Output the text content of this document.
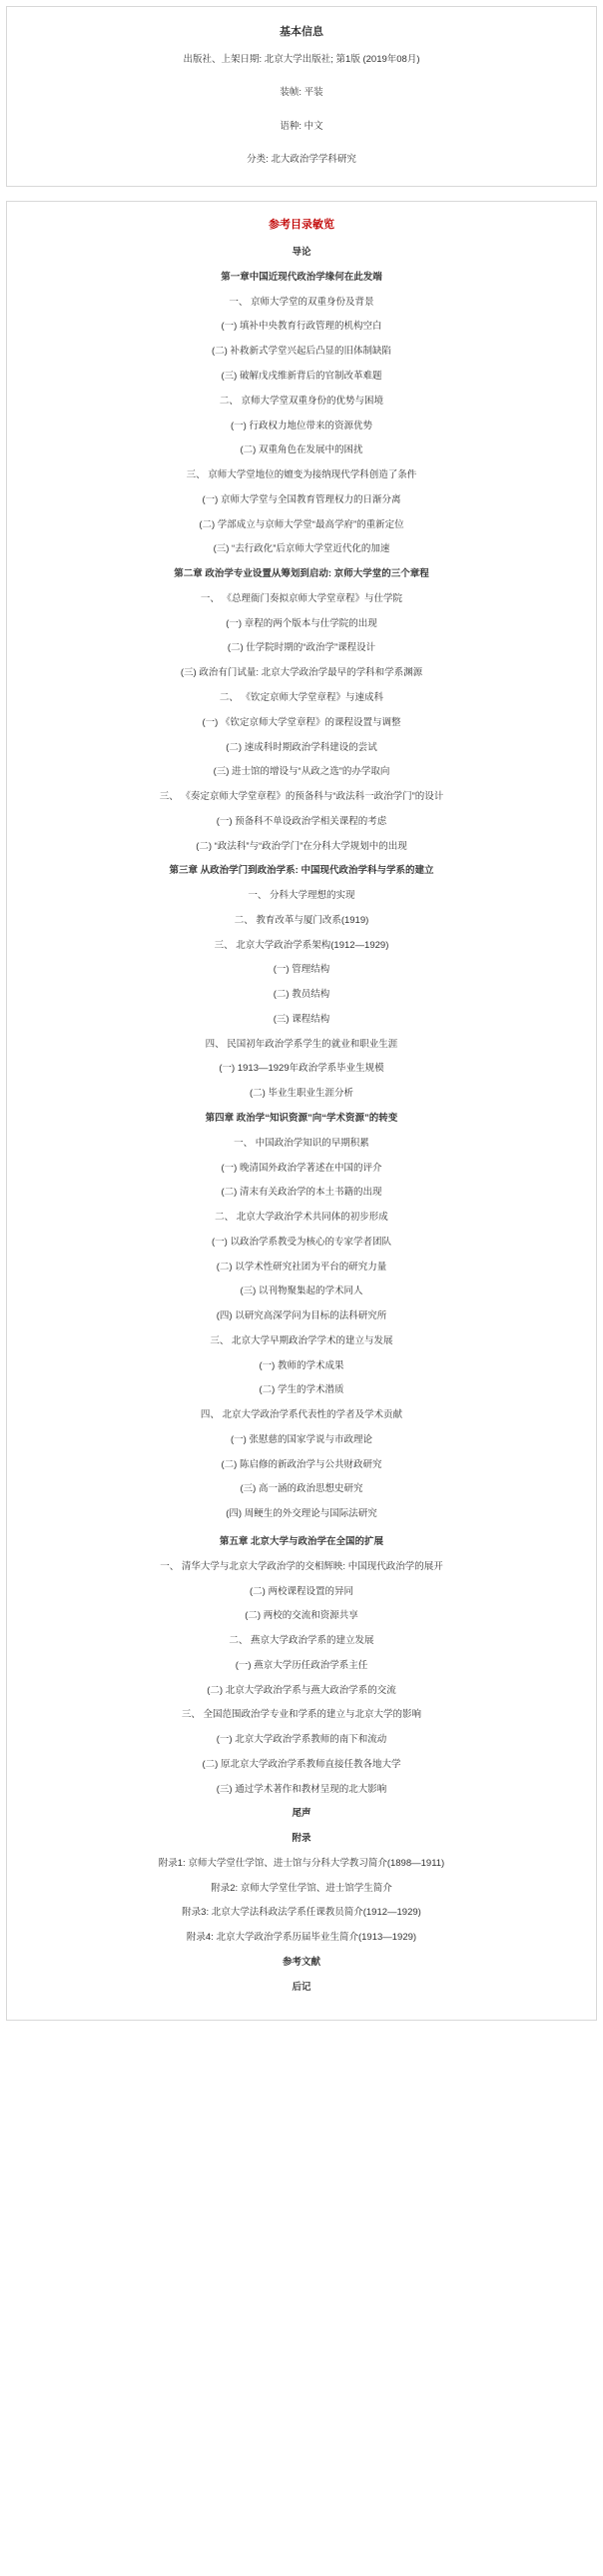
基本信息
出版社、上架日期: 北京大学出版社; 第1版 (2019年08月)
装帧: 平装
语种: 中文
分类: 北大政治学学科研究
参考目录敏览
导论
第一章中国近现代政治学缘何在此发端
一、 京师大学堂的双重身份及背景
(一) 填补中央教育行政管理的机构空白
(二) 补救新式学堂兴起后凸显的旧体制缺陷
(三) 破解戊戌维新背后的官制改革难题
二、 京师大学堂双重身份的优势与困境
(一) 行政权力地位带来的资源优势
(二) 双重角色在发展中的困扰
三、 京师大学堂地位的嬗变为接纳现代学科创造了条件
(一) 京师大学堂与全国教育管理权力的日渐分离
(二) 学部成立与京师大学堂“最高学府”的重新定位
(三) “去行政化”后京师大学堂近代化的加速
第二章 政治学专业设置从筹划到启动: 京师大学堂的三个章程
一、 《总理衙门奏拟京师大学堂章程》与仕学院
(一) 章程的两个版本与仕学院的出现
(二) 仕学院时期的“政治学”课程设计
(三) 政治有门试量: 北京大学政治学最早的学科和学系渊源
二、 《钦定京师大学堂章程》与速成科
(一) 《钦定京师大学堂章程》的课程设置与调整
(二) 速成科时期政治学科建设的尝试
(三) 进士馆的增设与“从政之选”的办学取向
三、 《奏定京师大学堂章程》的预备科与“政法科一政治学门”的设计
(一) 预备科不单设政治学相关课程的考虑
(二) “政法科”与“政治学门”在分科大学规划中的出现
第三章 从政治学门到政治学系: 中国现代政治学科与学系的建立
一、 分科大学理想的实现
二、 教育改革与厦门改系(1919)
三、 北京大学政治学系架构(1912—1929)
(一) 管理结构
(二) 教员结构
(三) 课程结构
四、 民国初年政治学系学生的就业和职业生涯
(一) 1913—1929年政治学系毕业生规模
(二) 毕业生职业生涯分析
第四章 政治学“知识资源”向“学术资源”的转变
一、 中国政治学知识的早期积累
(一) 晚清国外政治学著述在中国的评介
(二) 清末有关政治学的本土书籍的出现
二、 北京大学政治学术共同体的初步形成
(一) 以政治学系教受为核心的专家学者团队
(二) 以学术性研究社团为平台的研究力量
(三) 以刊物聚集起的学术同人
(四) 以研究高深学问为目标的法科研究所
三、 北京大学早期政治学学术的建立与发展
(一) 教师的学术成果
(二) 学生的学术潜质
四、 北京大学政治学系代表性的学者及学术贡献
(一) 张慰慈的国家学说与市政理论
(二) 陈启修的新政治学与公共财政研究
(三) 高一涵的政治思想史研究
(四) 周鲠生的外交理论与国际法研究
第五章 北京大学与政治学在全国的扩展
一、 清华大学与北京大学政治学的交相辉映: 中国现代政治学的展开
(二) 两校课程设置的异同
(二) 两校的交流和资源共享
二、 燕京大学政治学系的建立发展
(一) 燕京大学历任政治学系主任
(二) 北京大学政治学系与燕大政治学系的交流
三、 全国范围政治学专业和学系的建立与北京大学的影响
(一) 北京大学政治学系教师的南下和流动
(二) 原北京大学政治学系教师直接任教各地大学
(三) 通过学术著作和教材呈现的北大影响
尾声
附录
附录1: 京师大学堂仕学馆、进士馆与分科大学教习简介(1898—1911)
附录2: 京师大学堂仕学馆、进士馆学生简介
附录3: 北京大学法科政法学系任课教员简介(1912—1929)
附录4: 北京大学政治学系历届毕业生简介(1913—1929)
参考文献
后记
